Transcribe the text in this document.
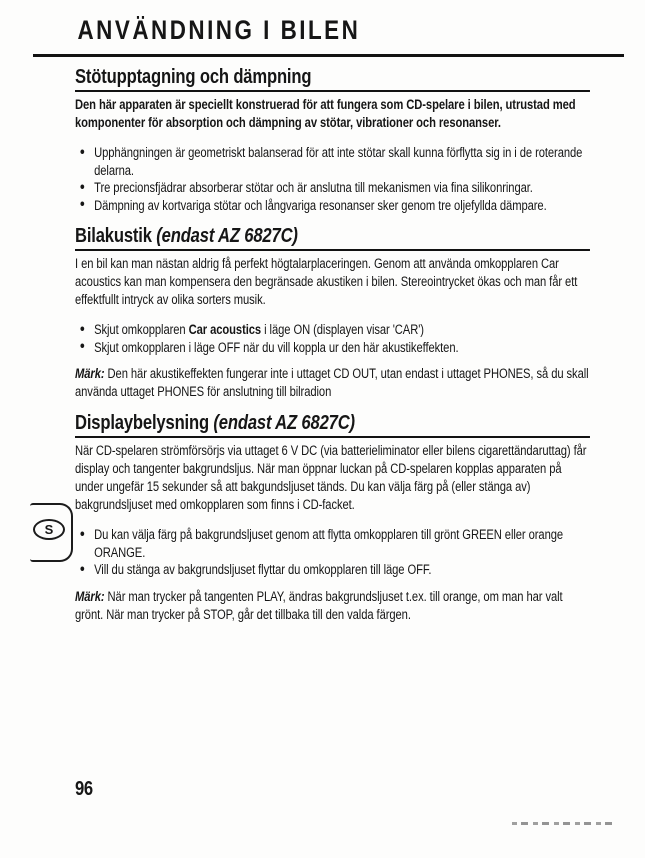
ANVÄNDNING I BILEN
Stötupptagning och dämpning

Den här apparaten är speciellt konstruerad för att fungera som CD-spelare i bilen, utrustad med komponenter för absorption och dämpning av stötar, vibrationer och resonanser.

• Upphängningen är geometriskt balanserad för att inte stötar skall kunna förflytta sig in i de roterande delarna.
• Tre precionsfjädrar absorberar stötar och är anslutna till mekanismen via fina silikonringar.
• Dämpning av kortvariga stötar och långvariga resonanser sker genom tre oljefyllda dämpare.
Bilakustik (endast AZ 6827C)

I en bil kan man nästan aldrig få perfekt högtalarplaceringen. Genom att använda omkopplaren Car acoustics kan man kompensera den begränsade akustiken i bilen. Stereointrycket ökas och man får ett effektfullt intryck av olika sorters musik.

• Skjut omkopplaren Car acoustics i läge ON (displayen visar 'CAR')
• Skjut omkopplaren i läge OFF när du vill koppla ur den här akustikeffekten.

Märk: Den här akustikeffekten fungerar inte i uttaget CD OUT, utan endast i uttaget PHONES, så du skall använda uttaget PHONES för anslutning till bilradion

Displaybelysning (endast AZ 6827C)

När CD-spelaren strömförsörjs via uttaget 6 V DC (via batterieliminator eller bilens cigarettändaruttag) får display och tangenter bakgrundsljus. När man öppnar luckan på CD-spelaren kopplas apparaten på under ungefär 15 sekunder så att bakgundsljuset tänds. Du kan välja färg på (eller stänga av) bakgrundsljuset med omkopplaren som finns i CD-facket.

• Du kan välja färg på bakgrundsljuset genom att flytta omkopplaren till grönt GREEN eller orange ORANGE.
• Vill du stänga av bakgrundsljuset flyttar du omkopplaren till läge OFF.

Märk: När man trycker på tangenten PLAY, ändras bakgrundsljuset t.ex. till orange, om man har valt grönt. När man trycker på STOP, går det tillbaka till den valda färgen.

96
S
